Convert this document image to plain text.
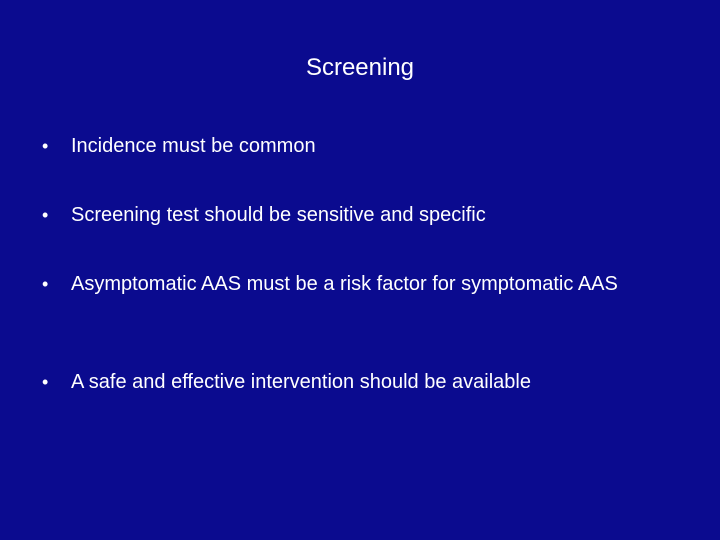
Screening
•	Incidence must be common
•	Screening test should be sensitive and specific
•	Asymptomatic AAS must be a risk factor for symptomatic AAS
•	A safe and effective intervention should be available
